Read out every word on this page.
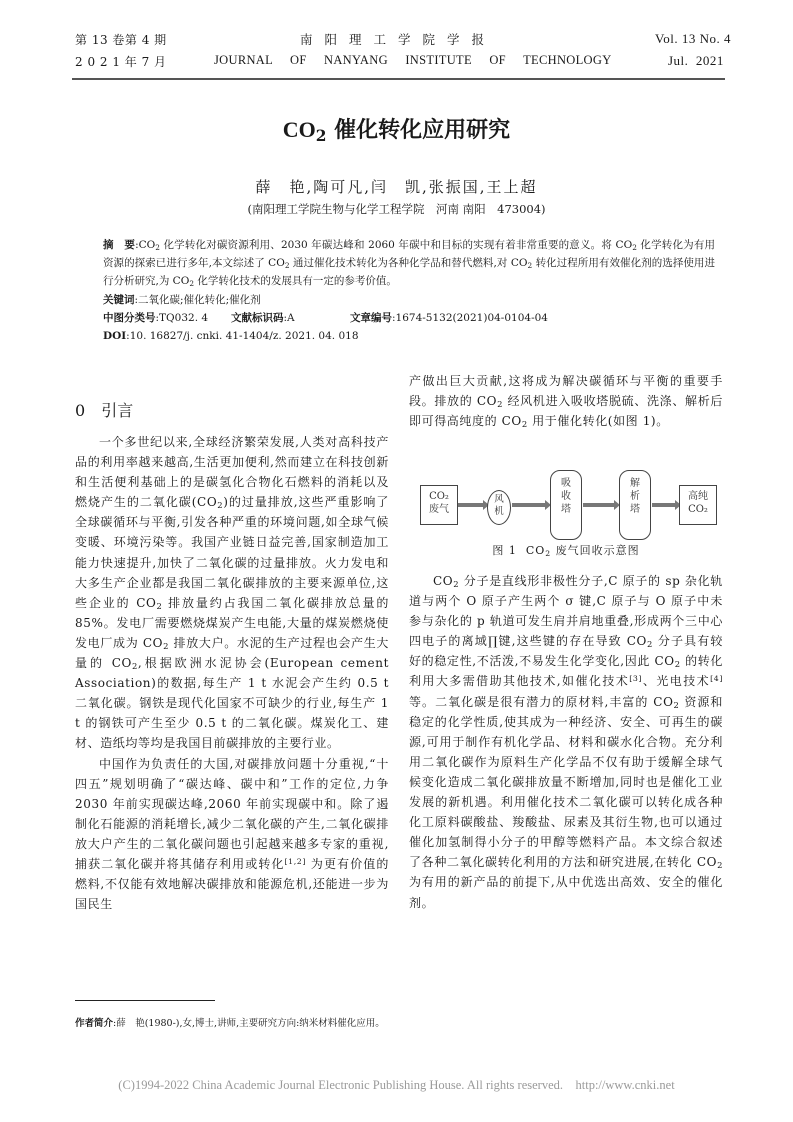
第 13 卷第 4 期	南阳理工学院学报	Vol. 13 No. 4
2 0 2 1 年 7 月	JOURNAL OF NANYANG INSTITUTE OF TECHNOLOGY	Jul.  2021
$CO_2$ 催化转化应用研究
薛　艳,陶可凡,闫　凯,张振国,王上超
(南阳理工学院生物与化学工程学院　河南 南阳　473004)
摘　要$:CO_2$ 化学转化对碳资源利用、2030 年碳达峰和 2060 年碳中和目标的实现有着非常重要的意义。将 $CO_2$ 化学转化为有用资源的探索已进行多年,本文综述了 $CO_2$ 通过催化技术转化为各种化学品和替代燃料,对 $CO_2$ 转化过程所用有效催化剂的选择使用进行分析研究,为 $CO_2$ 化学转化技术的发展具有一定的参考价值。
关键词:二氧化碳;催化转化;催化剂
中图分类号:TQ032. 4 文献标识码:A	文章编号:1674-5132(2021)04-0104-04
DOI:10. 16827/j. cnki. 41-1404/z. 2021. 04. 018
0 引言

一个多世纪以来,全球经济繁荣发展,人类对高科技产品的利用率越来越高,生活更加便利,然而建立在科技创新和生活便利基础上的是碳氢化合物化石燃料的消耗以及燃烧产生的二氧化碳$(CO_2)$的过量排放,这些严重影响了全球碳循环与平衡,引发各种严重的环境问题,如全球气候变暖、环境污染等。我国产业链日益完善,国家制造加工能力快速提升,加快了二氧化碳的过量排放。火力发电和大多生产企业都是我国二氧化碳排放的主要来源单位,这些企业的 $CO_2$ 排放量约占我国二氧化碳排放总量的 85%。发电厂需要燃烧煤炭产生电能,大量的煤炭燃烧使发电厂成为 $CO_2$ 排放大户。水泥的生产过程也会产生大量的 $CO_2$,根据欧洲水泥协会(European cement Association)的数据,每生产 1 t 水泥会产生约 0.5 t 二氧化碳。钢铁是现代化国家不可缺少的行业,每生产 1 t 的钢铁可产生至少 0.5 t 的二氧化碳。煤炭化工、建材、造纸均等均是我国目前碳排放的主要行业。

中国作为负责任的大国,对碳排放问题十分重视,“十四五”规划明确了“碳达峰、碳中和”工作的定位,力争 2030 年前实现碳达峰,2060 年前实现碳中和。除了遏制化石能源的消耗增长,减少二氧化碳的产生,二氧化碳排放大户产生的二氧化碳问题也引起越来越多专家的重视,捕获二氧化碳并将其储存利用或转化[1,2] 为更有价值的燃料,不仅能有效地解决碳排放和能源危机,还能进一步为国民生

产做出巨大贡献,这将成为解决碳循环与平衡的重要手段。排放的 $CO_2$ 经风机进入吸收塔脱硫、洗涤、解析后即可得高纯度的 $CO_2$ 用于催化转化(如图 1)。

CO₂
废气
风
机
吸
收
塔
解
析
塔
高纯
CO₂
图 1 $CO_2$ 废气回收示意图

$CO_2$ 分子是直线形非极性分子,C 原子的 sp 杂化轨道与两个 O 原子产生两个 σ 键,C 原子与 O 原子中未参与杂化的 p 轨道可发生肩并肩地重叠,形成两个三中心四电子的离域∏键,这些键的存在导致 $CO_2$ 分子具有较好的稳定性,不活泼,不易发生化学变化,因此 $CO_2$ 的转化利用大多需借助其他技术,如催化技术[3]、光电技术[4] 等。二氧化碳是很有潜力的原材料,丰富的 $CO_2$ 资源和稳定的化学性质,使其成为一种经济、安全、可再生的碳源,可用于制作有机化学品、材料和碳水化合物。充分利用二氧化碳作为原料生产化学品不仅有助于缓解全球气候变化造成二氧化碳排放量不断增加,同时也是催化工业发展的新机遇。利用催化技术二氧化碳可以转化成各种化工原料碳酸盐、羧酸盐、尿素及其衍生物,也可以通过催化加氢制得小分子的甲醇等燃料产品。本文综合叙述了各种二氧化碳转化利用的方法和研究进展,在转化 $CO_2$ 为有用的新产品的前提下,从中优选出高效、安全的催化剂。

作者简介:薛　艳(1980-),女,博士,讲师,主要研究方向:纳米材料催化应用。
(C)1994-2022 China Academic Journal Electronic Publishing House. All rights reserved.    http://www.cnki.net
